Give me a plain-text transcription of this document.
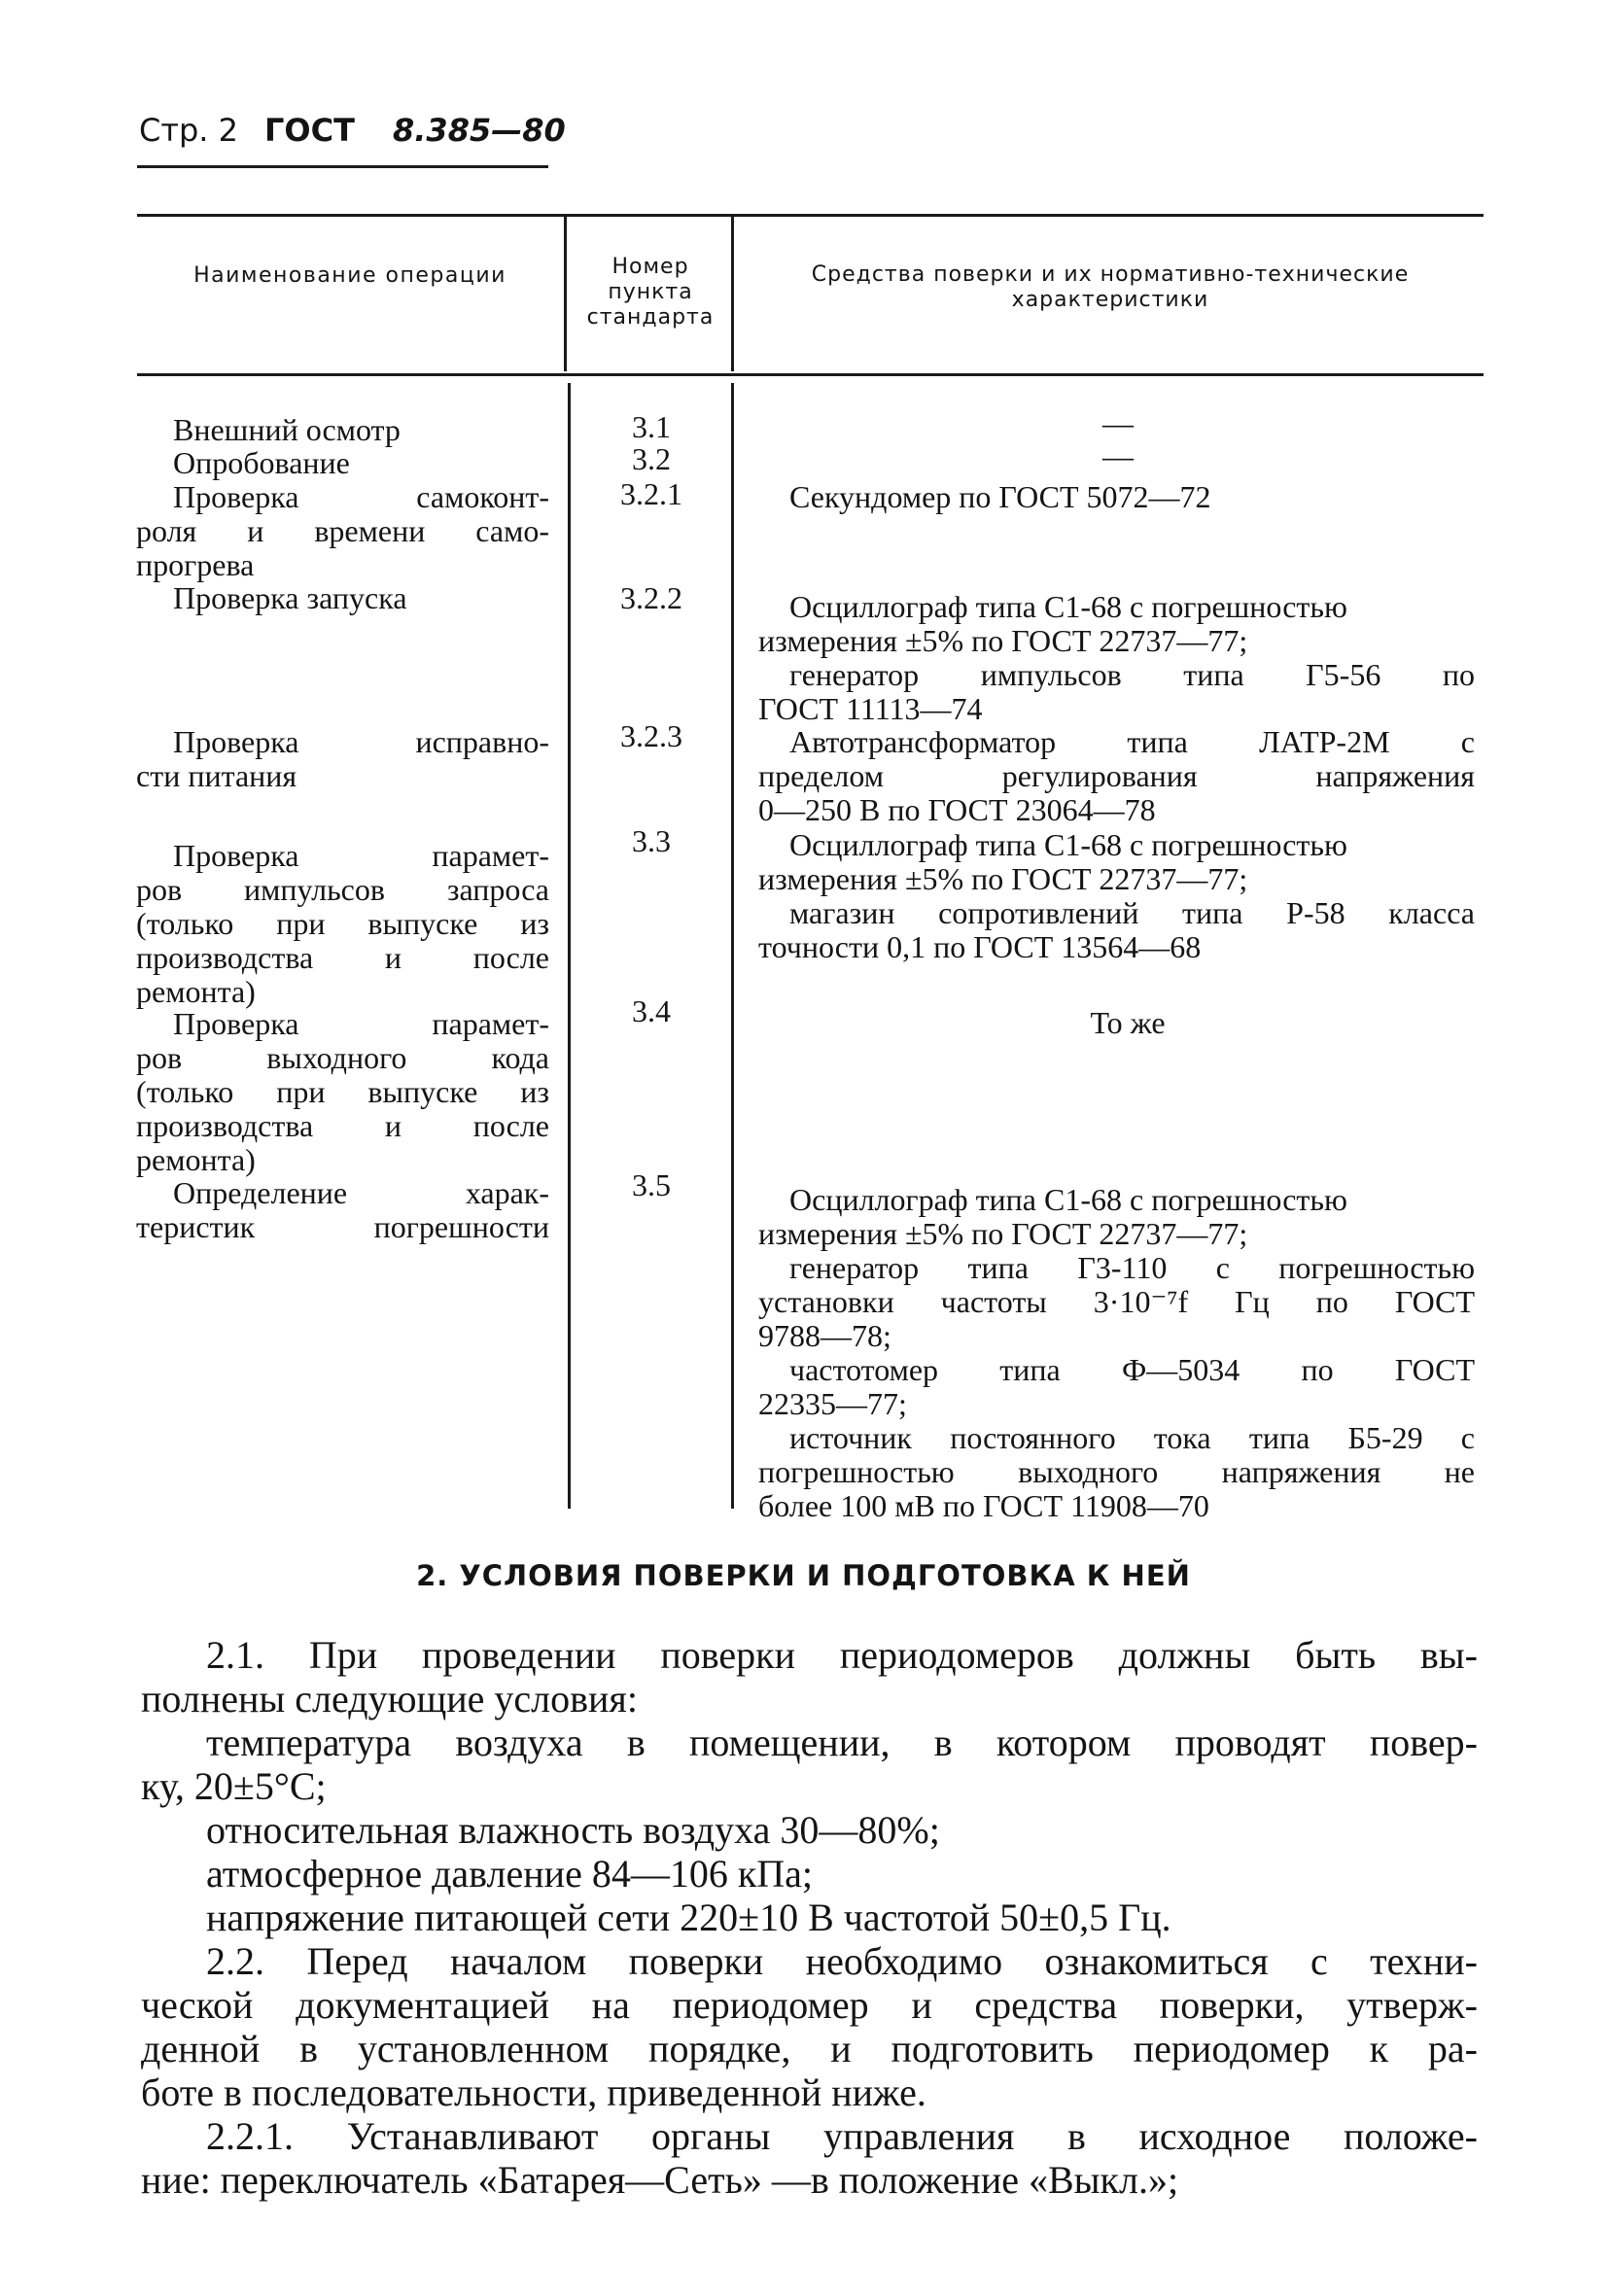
Стр. 2 ГОСТ 8.385—80
Наименование операции	Номер пункта стандарта
Средства поверки и их нормативно-технические характеристики
Внешний осмотр	3.1	—
Опробование	3.2	—
Проверка самоконт-
роля и времени само-
прогрева
3.2.1	Секундомер по ГОСТ 5072—72
Проверка запуска	3.2.2	Осциллограф типа С1-68 с погрешностью
измерения ±5% по ГОСТ 22737—77;
генератор импульсов типа Г5-56 по
ГОСТ 11113—74
Проверка исправно-
сти питания
3.2.3	Автотрансформатор типа ЛАТР-2М с
пределом регулирования напряжения
0—250 В по ГОСТ 23064—78
Проверка парамет-
ров импульсов запроса
(только при выпуске из
производства и после
ремонта)
3.3	Осциллограф типа С1-68 с погрешностью
измерения ±5% по ГОСТ 22737—77;
магазин сопротивлений типа Р-58 класса
точности 0,1 по ГОСТ 13564—68
Проверка парамет-
ров выходного кода
(только при выпуске из
производства и после
ремонта)
3.4	То же
Определение харак-
теристик погрешности
3.5	Осциллограф типа С1-68 с погрешностью
измерения ±5% по ГОСТ 22737—77;
генератор типа Г3-110 с погрешностью
установки частоты 3·10⁻⁷f Гц по ГОСТ
9788—78;
частотомер типа Ф—5034 по ГОСТ
22335—77;
источник постоянного тока типа Б5-29 с
погрешностью выходного напряжения не
более 100 мВ по ГОСТ 11908—70
2. УСЛОВИЯ ПОВЕРКИ И ПОДГОТОВКА К НЕЙ
2.1. При проведении поверки периодомеров должны быть вы-
полнены следующие условия:
температура воздуха в помещении, в котором проводят повер-
ку, 20±5°С;
относительная влажность воздуха 30—80%;
атмосферное давление 84—106 кПа;
напряжение питающей сети 220±10 В частотой 50±0,5 Гц.
2.2. Перед началом поверки необходимо ознакомиться с техни-
ческой документацией на периодомер и средства поверки, утверж-
денной в установленном порядке, и подготовить периодомер к ра-
боте в последовательности, приведенной ниже.
2.2.1. Устанавливают органы управления в исходное положе-
ние: переключатель «Батарея—Сеть» —в положение «Выкл.»;
